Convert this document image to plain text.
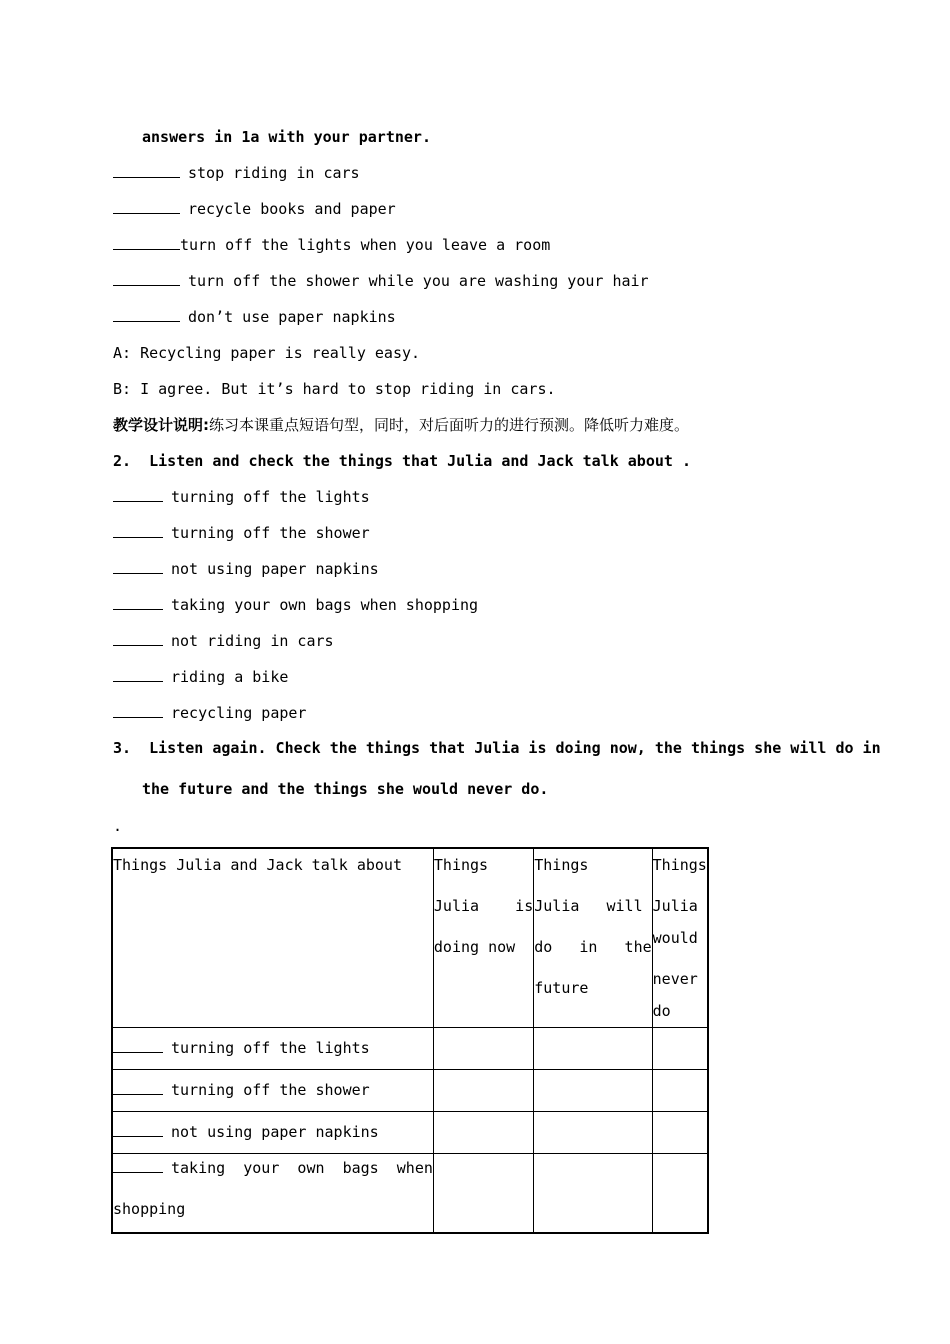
answers in 1a with your partner.
stop riding in cars
recycle books and paper
turn off the lights when you leave a room
turn off the shower while you are washing your hair
don’t use paper napkins
A: Recycling paper is really easy.
B: I agree. But it’s hard to stop riding in cars.
教学设计说明:练习本课重点短语句型，同时，对后面听力的进行预测。降低听力难度。
2.  Listen and check the things that Julia and Jack talk about .
turning off the lights
turning off the shower
not using paper napkins
taking your own bags when shopping
not riding in cars
riding a bike
recycling paper
3.  Listen again. Check the things that Julia is doing now, the things she will do in
the future and the things she would never do.
.
Things Julia and Jack talk about	Things
Julia    is
doing now	Things
Julia   will
do   in   the
future	Things
Julia would
never do

turning off the lights			
turning off the shower			
not using paper napkins			

taking  your  own  bags  when
shopping			
